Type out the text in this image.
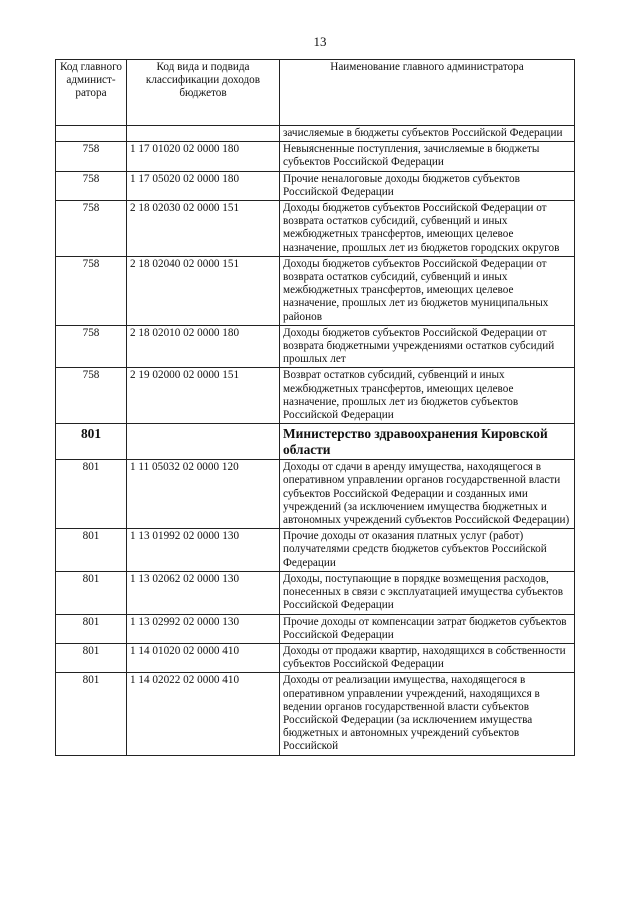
13
Код главного админист-ратора	Код вида и подвида классификации доходов бюджетов	Наименование главного администратора
		зачисляемые в бюджеты субъектов Российской Федерации
758	1 17 01020 02 0000 180	Невыясненные поступления, зачисляемые в бюджеты субъектов Российской Федерации
758	1 17 05020 02 0000 180	Прочие неналоговые доходы бюджетов субъектов Российской Федерации
758	2 18 02030 02 0000 151	Доходы бюджетов субъектов Российской Федерации от возврата остатков субсидий, субвенций и иных межбюджетных трансфертов, имеющих целевое назначение, прошлых лет из бюджетов городских округов
758	2 18 02040 02 0000 151	Доходы бюджетов субъектов Российской Федерации от возврата остатков субсидий, субвенций и иных межбюджетных трансфертов, имеющих целевое назначение, прошлых лет из бюджетов муниципальных районов
758	2 18 02010 02 0000 180	Доходы бюджетов субъектов Российской Федерации от возврата бюджетными учреждениями остатков субсидий прошлых лет
758	2 19 02000 02 0000 151	Возврат остатков субсидий, субвенций и иных межбюджетных трансфертов, имеющих целевое назначение, прошлых лет из бюджетов субъектов Российской Федерации
801		Министерство здравоохранения Кировской области
801	1 11 05032 02 0000 120	Доходы от сдачи в аренду имущества, находящегося в оперативном управлении органов государственной власти субъектов Российской Федерации и созданных ими учреждений (за исключением имущества бюджетных и автономных учреждений субъектов Российской Федерации)
801	1 13 01992 02 0000 130	Прочие доходы от оказания платных услуг (работ) получателями средств бюджетов субъектов Российской Федерации
801	1 13 02062 02 0000 130	Доходы, поступающие в порядке возмещения расходов, понесенных в связи с эксплуатацией имущества субъектов Российской Федерации
801	1 13 02992 02 0000 130	Прочие доходы от компенсации затрат бюджетов субъектов Российской Федерации
801	1 14 01020 02 0000 410	Доходы от продажи квартир, находящихся в собственности субъектов Российской Федерации
801	1 14 02022 02 0000 410	Доходы от реализации имущества, находящегося в оперативном управлении учреждений, находящихся в ведении органов государственной власти субъектов Российской Федерации (за исключением имущества бюджетных и автономных учреждений субъектов Российской
